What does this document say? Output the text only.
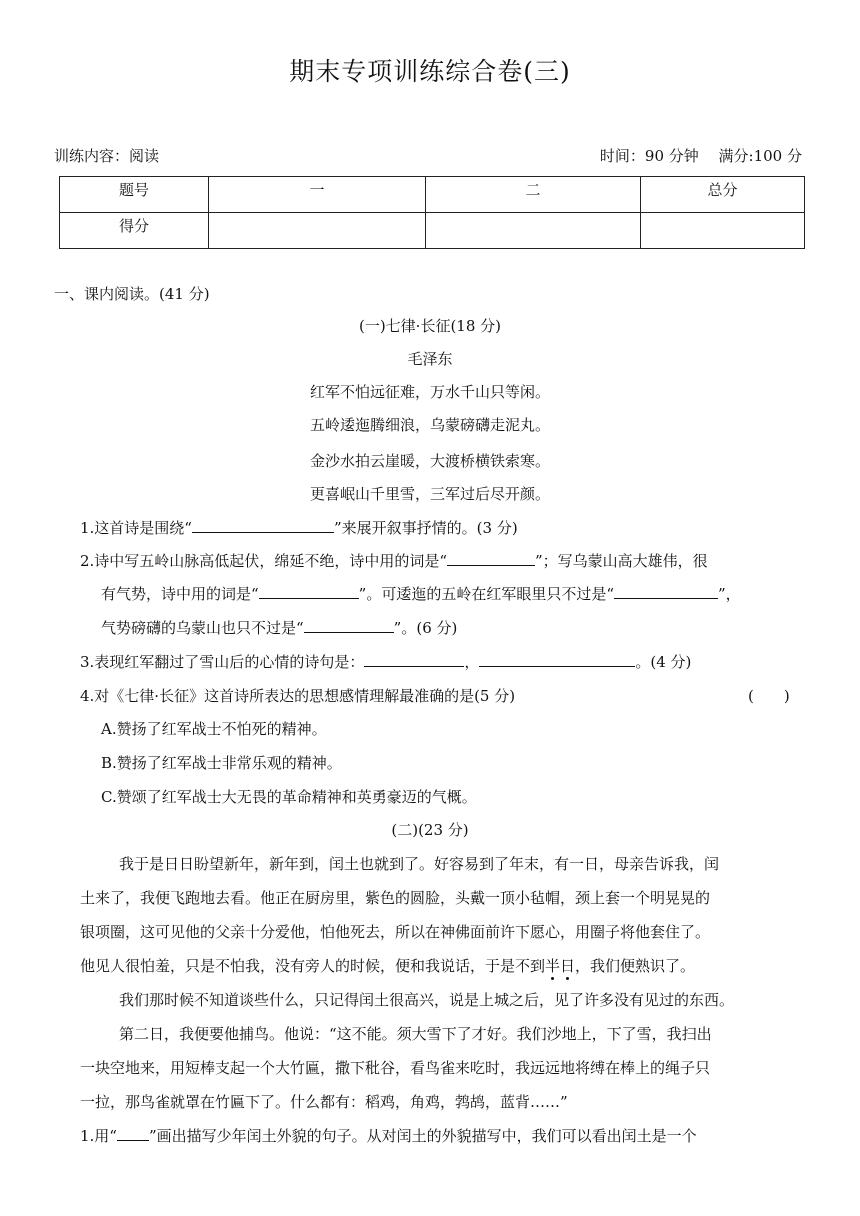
期末专项训练综合卷(三)
训练内容：阅读	时间：90 分钟　 满分:100 分
题号	一	二	总分
得分			
一、课内阅读。(41 分)
(一)七律·长征(18 分)
毛泽东
红军不怕远征难，万水千山只等闲。
五岭逶迤腾细浪，乌蒙磅礴走泥丸。
金沙水拍云崖暖，大渡桥横铁索寒。
更喜岷山千里雪，三军过后尽开颜。
1.这首诗是围绕“	”来展开叙事抒情的。(3 分)
2.诗中写五岭山脉高低起伏，绵延不绝，诗中用的词是“	”；写乌蒙山高大雄伟，很
有气势，诗中用的词是“	”。可逶迤的五岭在红军眼里只不过是“	”，
气势磅礴的乌蒙山也只不过是“	”。(6 分)
3.表现红军翻过了雪山后的心情的诗句是：	，	。(4 分)
4.对《七律·长征》这首诗所表达的思想感情理解最准确的是(5 分)	(　　)
A.赞扬了红军战士不怕死的精神。
B.赞扬了红军战士非常乐观的精神。
C.赞颂了红军战士大无畏的革命精神和英勇豪迈的气概。
(二)(23 分)
我于是日日盼望新年，新年到，闰土也就到了。好容易到了年末，有一日，母亲告诉我，闰
土来了，我便飞跑地去看。他正在厨房里，紫色的圆脸，头戴一顶小毡帽，颈上套一个明晃晃的
银项圈，这可见他的父亲十分爱他，怕他死去，所以在神佛面前许下愿心，用圈子将他套住了。
他见人很怕羞，只是不怕我，没有旁人的时候，便和我说话，于是不到半日，我们便熟识了。
我们那时候不知道谈些什么，只记得闰土很高兴，说是上城之后，见了许多没有见过的东西。
第二日，我便要他捕鸟。他说：“这不能。须大雪下了才好。我们沙地上，下了雪，我扫出
一块空地来，用短棒支起一个大竹匾，撒下秕谷，看鸟雀来吃时，我远远地将缚在棒上的绳子只
一拉，那鸟雀就罩在竹匾下了。什么都有：稻鸡，角鸡，鹁鸪，蓝背……”
1.用“ ”画出描写少年闰土外貌的句子。从对闰土的外貌描写中，我们可以看出闰土是一个
